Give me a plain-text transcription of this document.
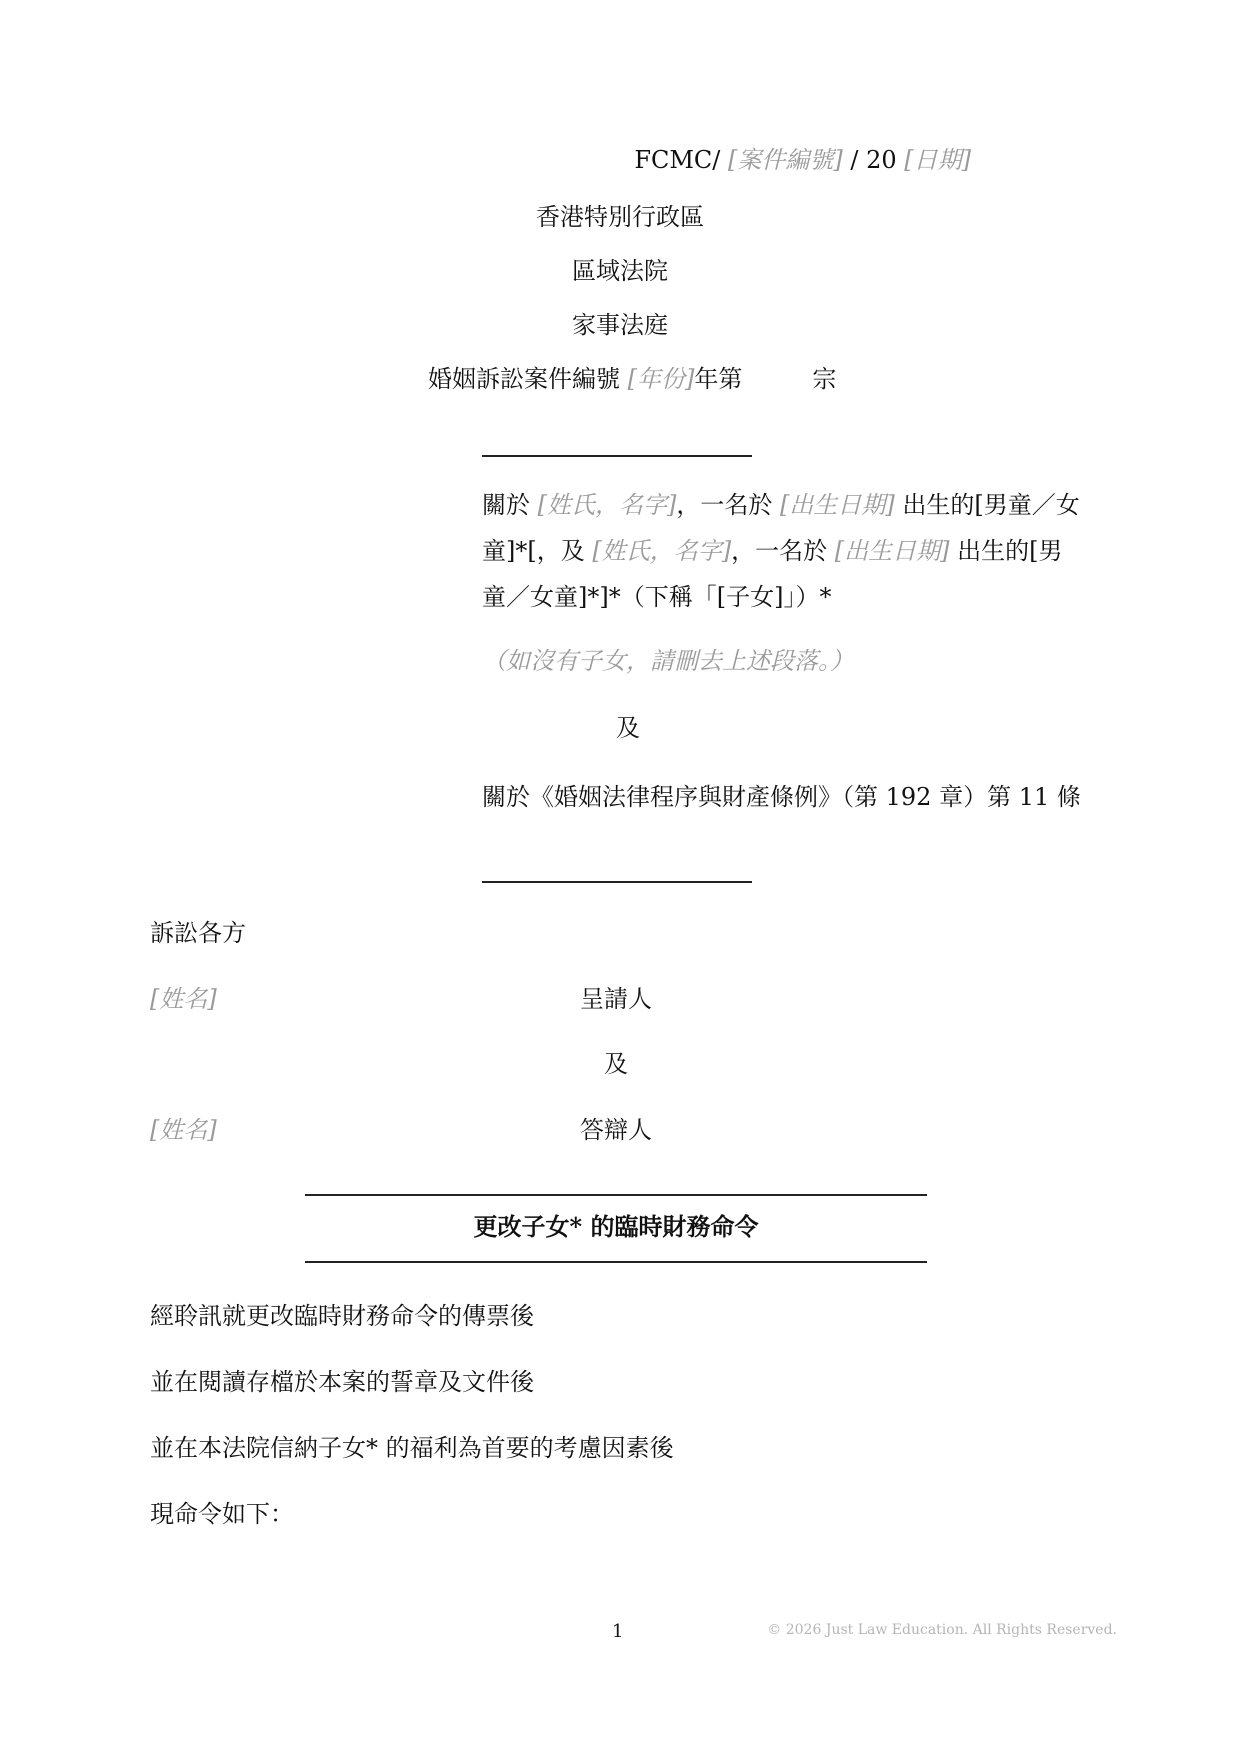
FCMC/ [案件編號] / 20 [日期]
香港特別行政區
區域法院
家事法庭
婚姻訴訟案件編號 [年份]年第	宗
關於 [姓氏，名字]，一名於 [出生日期] 出生的[男童／女童]*[，及 [姓氏，名字]，一名於 [出生日期] 出生的[男童／女童]*]*（下稱「[子女]」）*
（如沒有子女，請刪去上述段落。）
及
關於《婚姻法律程序與財產條例》（第 192 章）第 11 條
訴訟各方
[姓名]	呈請人
及
[姓名]	答辯人
更改子女* 的臨時財務命令
經聆訊就更改臨時財務命令的傳票後
並在閱讀存檔於本案的誓章及文件後
並在本法院信納子女* 的福利為首要的考慮因素後
現命令如下：
1	© 2026 Just Law Education. All Rights Reserved.
